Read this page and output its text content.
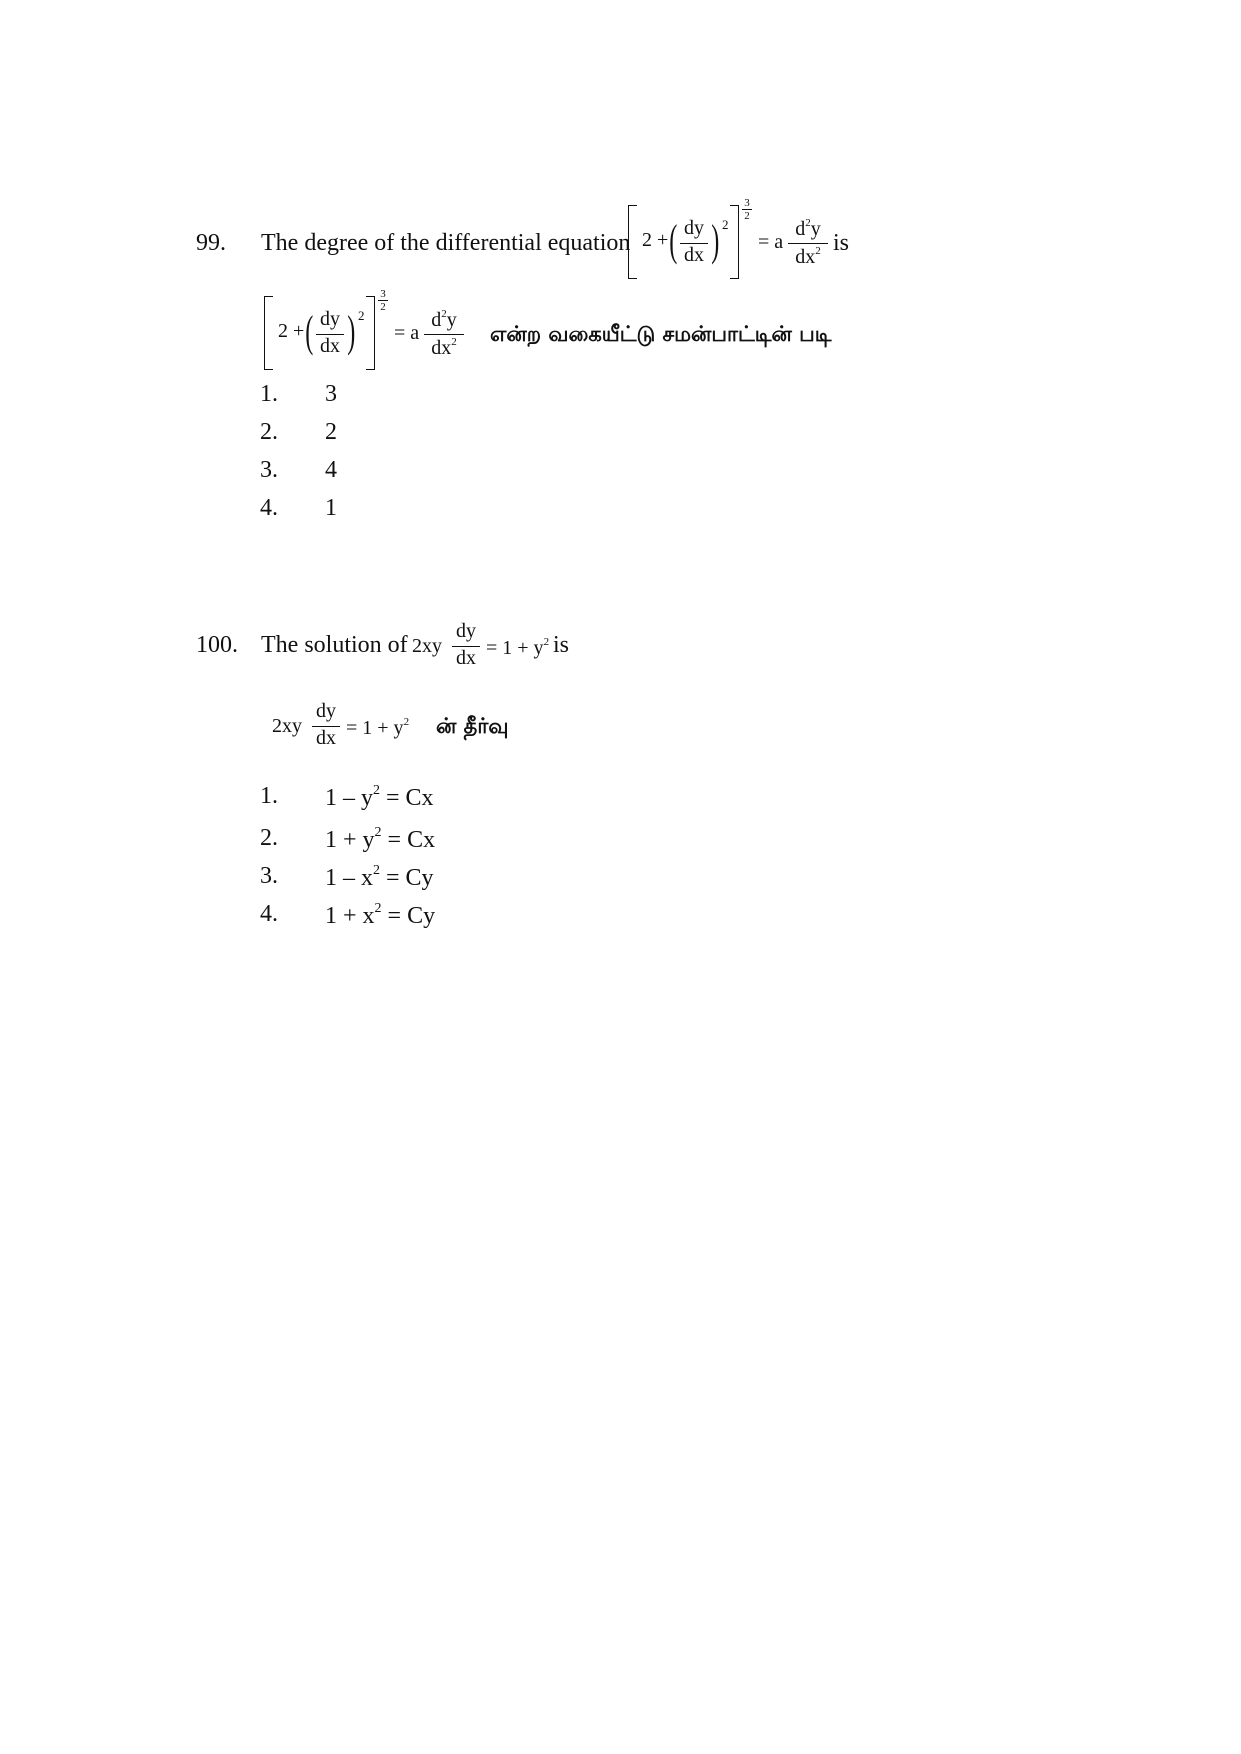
99. The degree of the differential equation 2 + ( dy
dx ) 2
3
2
= a
$d^2y$
$dx^2$ is
2 + ( dy
dx ) 2
3
2
= a
$d^2y$
$dx^2$	என்ற வகையீட்டு சமன்பாட்டின் படி
1. 3
2. 2
3. 4
4. 1
100. The solution of 2xy
dy
dx = $1 + y^2$ is
2xy
dy
dx = $1 + y^2$ ன் தீர்வு
1. $1 - y^2 = Cx$
2. $1 + y^2 = Cx$
3. $1 - x^2 = Cy$
4. $1 + x^2 = Cy$
